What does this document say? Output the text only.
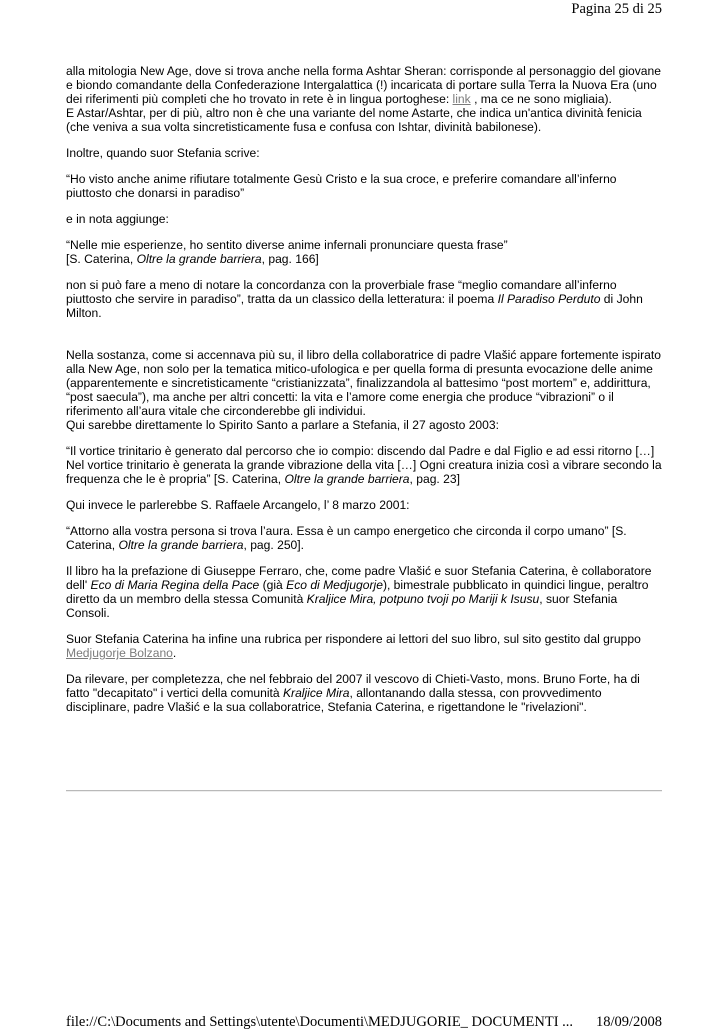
Pagina 25 di 25

alla mitologia New Age, dove si trova anche nella forma Ashtar Sheran: corrisponde al personaggio del giovane e biondo comandante della Confederazione Intergalattica (!) incaricata di portare sulla Terra la Nuova Era (uno dei riferimenti più completi che ho trovato in rete è in lingua portoghese: link , ma ce ne sono migliaia).

E Astar/Ashtar, per di più, altro non è che una variante del nome Astarte, che indica un'antica divinità fenicia (che veniva a sua volta sincretisticamente fusa e confusa con Ishtar, divinità babilonese).

Inoltre, quando suor Stefania scrive:

“Ho visto anche anime rifiutare totalmente Gesù Cristo e la sua croce, e preferire comandare all’inferno piuttosto che donarsi in paradiso”

e in nota aggiunge:

“Nelle mie esperienze, ho sentito diverse anime infernali pronunciare questa frase”
[S. Caterina, Oltre la grande barriera, pag. 166]

non si può fare a meno di notare la concordanza con la proverbiale frase “meglio comandare all’inferno piuttosto che servire in paradiso”, tratta da un classico della letteratura: il poema Il Paradiso Perduto di John Milton.

Nella sostanza, come si accennava più su, il libro della collaboratrice di padre Vlašić appare fortemente ispirato alla New Age, non solo per la tematica mitico-ufologica e per quella forma di presunta evocazione delle anime (apparentemente e sincretisticamente “cristianizzata”, finalizzandola al battesimo “post mortem” e, addirittura, “post saecula”), ma anche per altri concetti: la vita e l’amore come energia che produce “vibrazioni” o il riferimento all’aura vitale che circonderebbe gli individui.

Qui sarebbe direttamente lo Spirito Santo a parlare a Stefania, il 27 agosto 2003:

“Il vortice trinitario è generato dal percorso che io compio: discendo dal Padre e dal Figlio e ad essi ritorno […] Nel vortice trinitario è generata la grande vibrazione della vita […] Ogni creatura inizia così a vibrare secondo la frequenza che le è propria” [S. Caterina, Oltre la grande barriera, pag. 23]

Qui invece le parlerebbe S. Raffaele Arcangelo, l’ 8 marzo 2001:

“Attorno alla vostra persona si trova l’aura. Essa è un campo energetico che circonda il corpo umano” [S. Caterina, Oltre la grande barriera, pag. 250].

Il libro ha la prefazione di Giuseppe Ferraro, che, come padre Vlašić e suor Stefania Caterina, è collaboratore dell' Eco di Maria Regina della Pace (già Eco di Medjugorje), bimestrale pubblicato in quindici lingue, peraltro diretto da un membro della stessa Comunità Kraljice Mira, potpuno tvoji po Mariji k Isusu, suor Stefania Consoli.

Suor Stefania Caterina ha infine una rubrica per rispondere ai lettori del suo libro, sul sito gestito dal gruppo Medjugorje Bolzano.

Da rilevare, per completezza, che nel febbraio del 2007 il vescovo di Chieti-Vasto, mons. Bruno Forte, ha di fatto "decapitato" i vertici della comunità Kraljice Mira, allontanando dalla stessa, con provvedimento disciplinare, padre Vlašić e la sua collaboratrice, Stefania Caterina, e rigettandone le "rivelazioni".

file://C:\Documents and Settings\utente\Documenti\MEDJUGORIE_ DOCUMENTI ... 18/09/2008
